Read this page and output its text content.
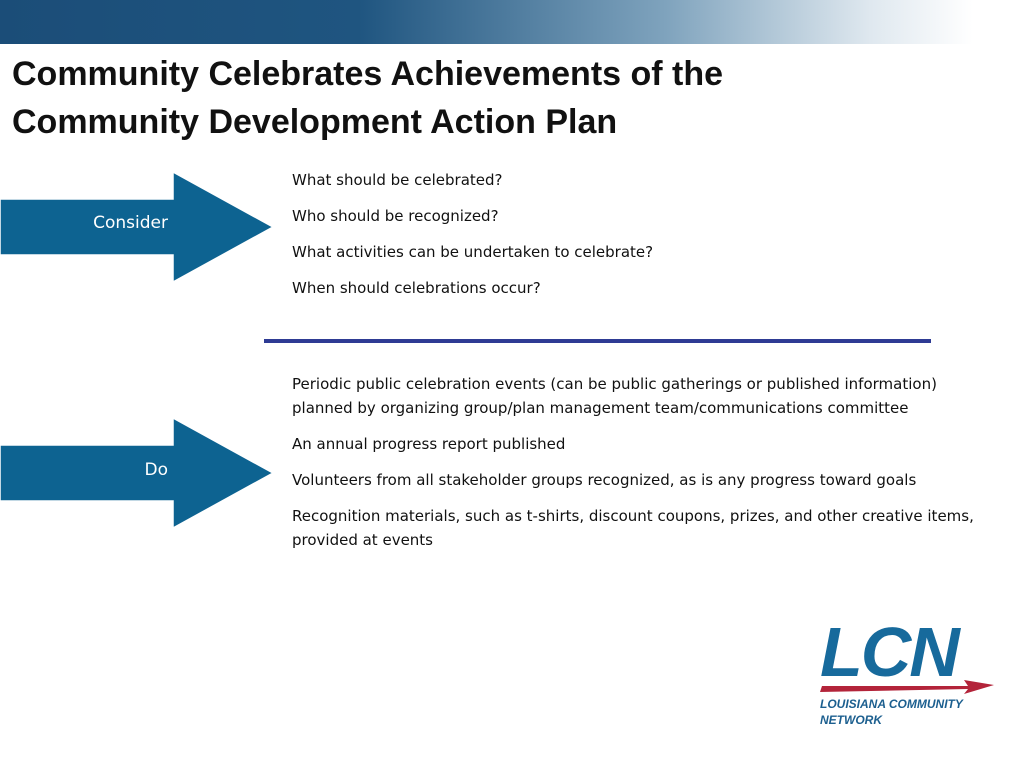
Community Celebrates Achievements of the
Community Development Action Plan
Consider
What should be celebrated?
Who should be recognized?
What activities can be undertaken to celebrate?
When should celebrations occur?
Do
Periodic public celebration events (can be public gatherings or published information) planned by organizing group/plan management team/communications committee
An annual progress report published
Volunteers from all stakeholder groups recognized, as is any progress toward goals
Recognition materials, such as t-shirts, discount coupons, prizes, and other creative items, provided at events
LCN
LOUISIANA COMMUNITY
NETWORK
